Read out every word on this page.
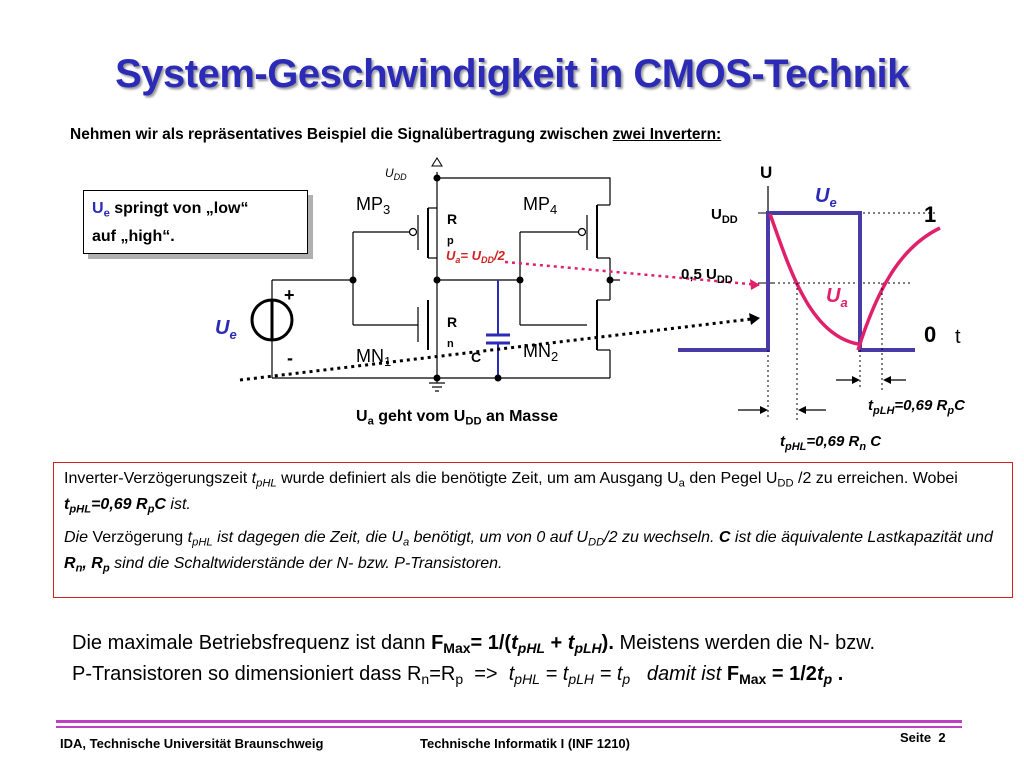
System-Geschwindigkeit in CMOS-Technik
Nehmen wir als repräsentatives Beispiel die Signalübertragung zwischen zwei Invertern:
$U_e$ springt von „low“
auf „high“.
$U_{DD}$
$MP_3$	$MP_4$
$MN_1$
$MN_2$
R p
R n
C
+
-
$U_e$
$U_a= U_{DD}/2$
U
t
$U_{DD}$
0,5 $U_{DD}$
1
0
$U_e$
$U_a$
$t_{pLH}=0,69$ $R_pC$
$t_{pHL}=0,69$ $R_n$ C
$U_a$ geht vom $U_{DD}$ an Masse

Inverter-Verzögerungszeit $t_{pHL}$ wurde definiert als die benötigte Zeit, um am Ausgang $U_a$ den Pegel $U_{DD}$ /2 zu erreichen. Wobei $t_{pHL}=0,69$ $R_pC$ ist.

Die Verzögerung $t_{pHL}$ ist dagegen die Zeit, die $U_a$ benötigt, um von 0 auf $U_{DD}/2$ zu wechseln. C ist die äquivalente Lastkapazität und $R_n$, $R_p$ sind die Schaltwiderstände der N- bzw. P-Transistoren.

Die maximale Betriebsfrequenz ist dann $F_{Max}= 1/(t_{pHL} + t_{pLH})$. Meistens werden die N- bzw.
P-Transistoren so dimensioniert dass $R_n=R_p => t_{pHL} = t_{pLH} = t_p$   damit ist $F_{Max} = 1/2t_p$ .
IDA, Technische Universität Braunschweig	Technische Informatik I (INF 1210)	Seite 2
